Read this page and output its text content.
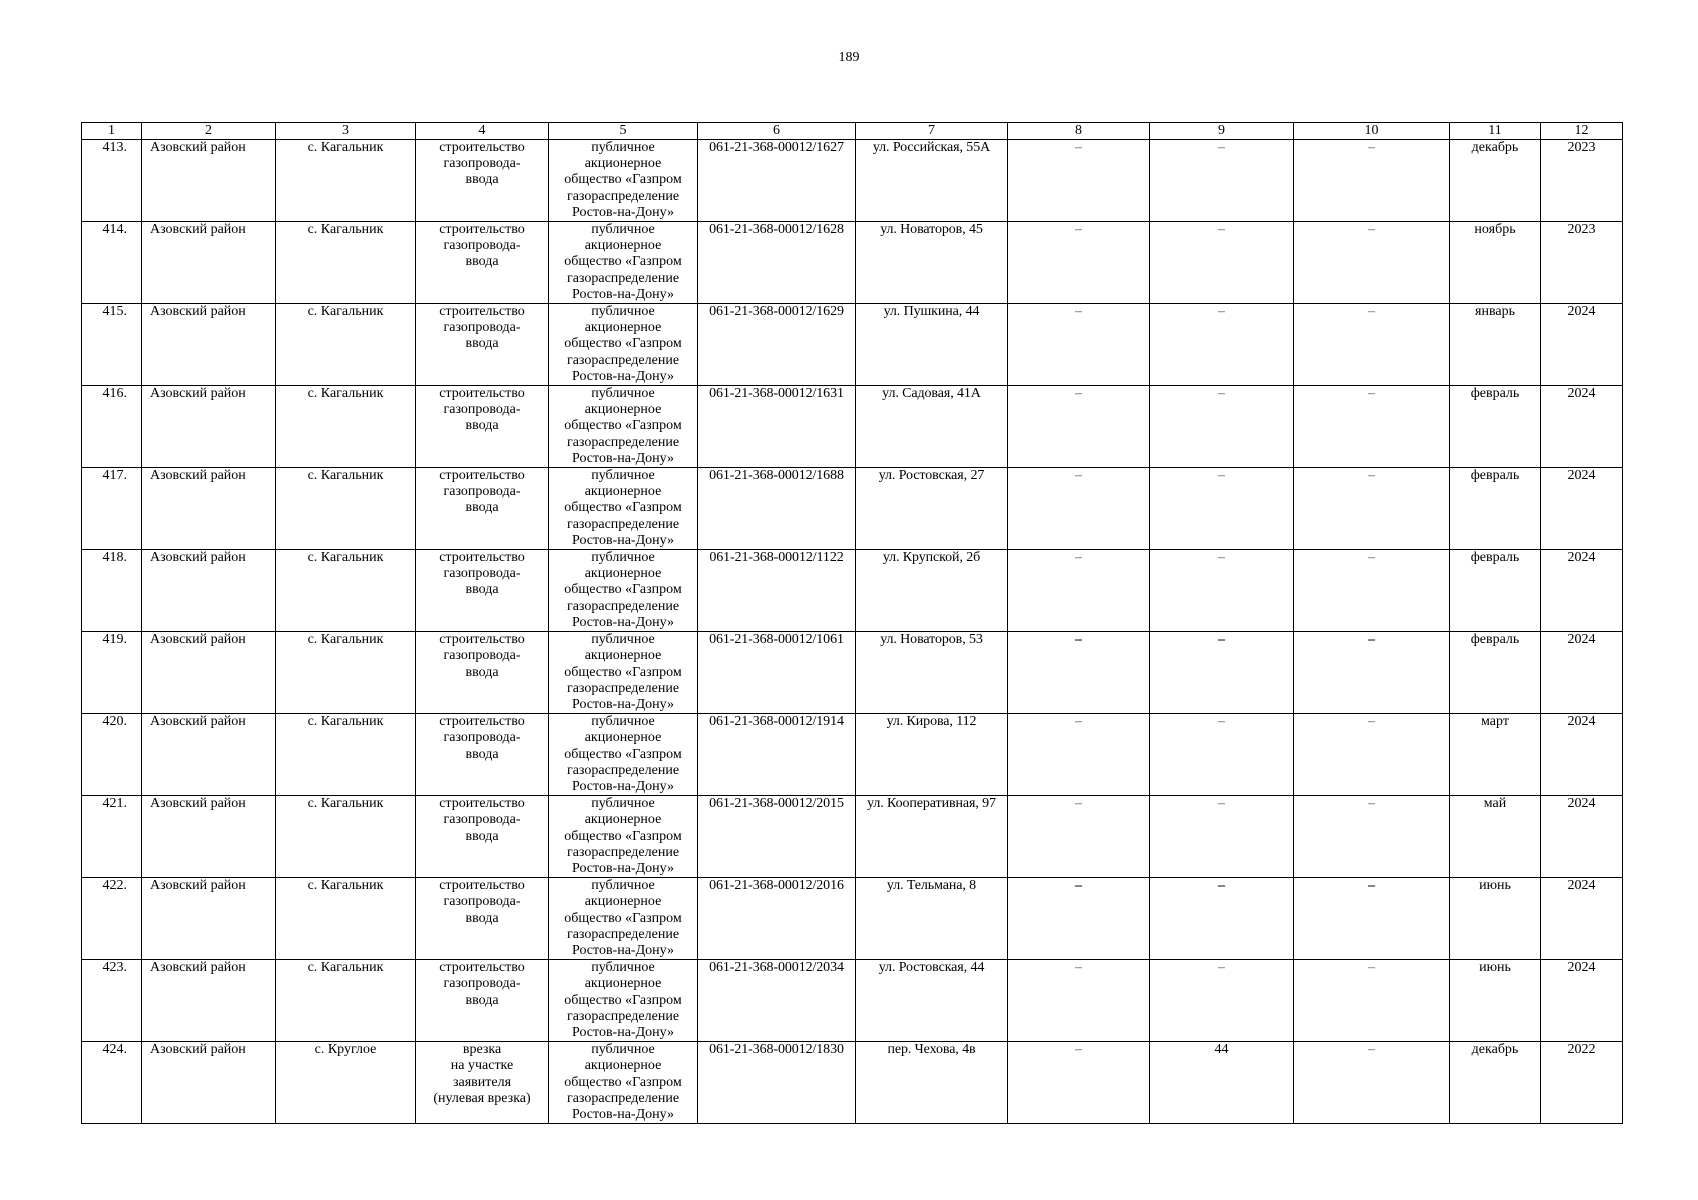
189
1	2	3	4	5	6	7	8	9	10	11	12
413.	Азовский район	с. Кагальник	строительство
газопровода-
ввода	публичное
акционерное
общество «Газпром
газораспределение
Ростов-на-Дону»	061-21-368-00012/1627	ул. Российская, 55А	–	–	–	декабрь	2023
414.	Азовский район	с. Кагальник	строительство
газопровода-
ввода	публичное
акционерное
общество «Газпром
газораспределение
Ростов-на-Дону»	061-21-368-00012/1628	ул. Новаторов, 45	–	–	–	ноябрь	2023
415.	Азовский район	с. Кагальник	строительство
газопровода-
ввода	публичное
акционерное
общество «Газпром
газораспределение
Ростов-на-Дону»	061-21-368-00012/1629	ул. Пушкина, 44	–	–	–	январь	2024
416.	Азовский район	с. Кагальник	строительство
газопровода-
ввода	публичное
акционерное
общество «Газпром
газораспределение
Ростов-на-Дону»	061-21-368-00012/1631	ул. Садовая, 41А	–	–	–	февраль	2024
417.	Азовский район	с. Кагальник	строительство
газопровода-
ввода	публичное
акционерное
общество «Газпром
газораспределение
Ростов-на-Дону»	061-21-368-00012/1688	ул. Ростовская, 27	–	–	–	февраль	2024
418.	Азовский район	с. Кагальник	строительство
газопровода-
ввода	публичное
акционерное
общество «Газпром
газораспределение
Ростов-на-Дону»	061-21-368-00012/1122	ул. Крупской, 2б	–	–	–	февраль	2024
419.	Азовский район	с. Кагальник	строительство
газопровода-
ввода	публичное
акционерное
общество «Газпром
газораспределение
Ростов-на-Дону»	061-21-368-00012/1061	ул. Новаторов, 53	–	–	–	февраль	2024
420.	Азовский район	с. Кагальник	строительство
газопровода-
ввода	публичное
акционерное
общество «Газпром
газораспределение
Ростов-на-Дону»	061-21-368-00012/1914	ул. Кирова, 112	–	–	–	март	2024
421.	Азовский район	с. Кагальник	строительство
газопровода-
ввода	публичное
акционерное
общество «Газпром
газораспределение
Ростов-на-Дону»	061-21-368-00012/2015	ул. Кооперативная, 97	–	–	–	май	2024
422.	Азовский район	с. Кагальник	строительство
газопровода-
ввода	публичное
акционерное
общество «Газпром
газораспределение
Ростов-на-Дону»	061-21-368-00012/2016	ул. Тельмана, 8	–	–	–	июнь	2024
423.	Азовский район	с. Кагальник	строительство
газопровода-
ввода	публичное
акционерное
общество «Газпром
газораспределение
Ростов-на-Дону»	061-21-368-00012/2034	ул. Ростовская, 44	–	–	–	июнь	2024
424.	Азовский район	с. Круглое	врезка
на участке
заявителя
(нулевая врезка)	публичное
акционерное
общество «Газпром
газораспределение
Ростов-на-Дону»	061-21-368-00012/1830	пер. Чехова, 4в	–	44	–	декабрь	2022
